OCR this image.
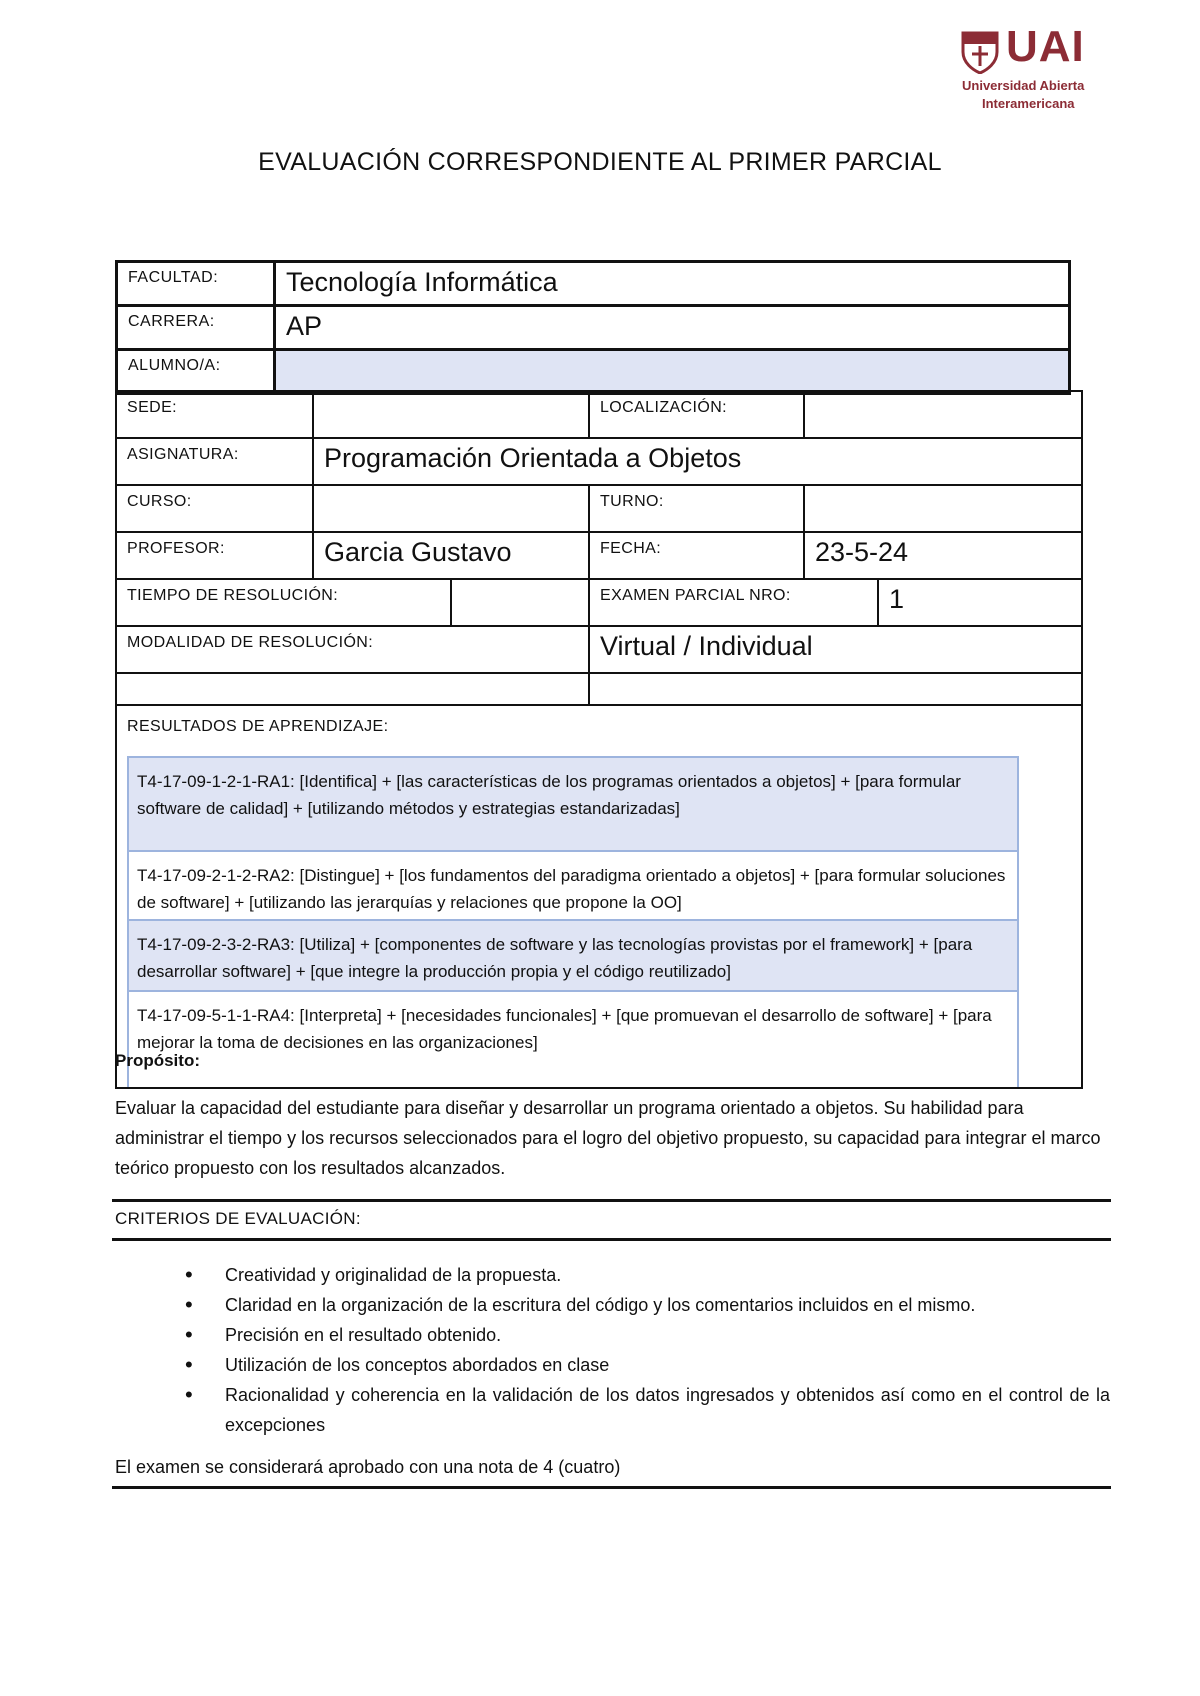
UAI
Universidad Abierta
Interamericana
EVALUACIÓN CORRESPONDIENTE AL PRIMER PARCIAL
FACULTAD:	Tecnología Informática
CARRERA:	AP
ALUMNO/A:	
SEDE:			LOCALIZACIÓN:		
ASIGNATURA:	Programación Orientada a Objetos				
CURSO:			TURNO:		
PROFESOR:	Garcia Gustavo		FECHA:	23-5-24	
TIEMPO DE RESOLUCIÓN:			EXAMEN PARCIAL NRO:		1
MODALIDAD DE RESOLUCIÓN:			Virtual / Individual		

RESULTADOS DE APRENDIZAJE:
T4-17-09-1-2-1-RA1: [Identifica] + [las características de los programas orientados a objetos] + [para formular software de calidad] + [utilizando métodos y estrategias estandarizadas]
T4-17-09-2-1-2-RA2: [Distingue] + [los fundamentos del paradigma orientado a objetos] + [para formular soluciones de software] + [utilizando las jerarquías y relaciones que propone la OO]
T4-17-09-2-3-2-RA3: [Utiliza] + [componentes de software y las tecnologías provistas por el framework] + [para desarrollar software] + [que integre la producción propia y el código reutilizado]
T4-17-09-5-1-1-RA4: [Interpreta] + [necesidades funcionales] + [que promuevan el desarrollo de software] + [para mejorar la toma de decisiones en las organizaciones]					
Propósito:
Evaluar la capacidad del estudiante para diseñar y desarrollar un programa orientado a objetos. Su habilidad para administrar el tiempo y los recursos seleccionados para el logro del objetivo propuesto, su capacidad para integrar el marco teórico propuesto con los resultados alcanzados.
CRITERIOS DE EVALUACIÓN:
• Creatividad y originalidad de la propuesta.
• Claridad en la organización de la escritura del código y los comentarios incluidos en el mismo.
• Precisión en el resultado obtenido.
• Utilización de los conceptos abordados en clase
• Racionalidad y coherencia en la validación de los datos ingresados y obtenidos así como en el control de la excepciones
El examen se considerará aprobado con una nota de 4 (cuatro)
